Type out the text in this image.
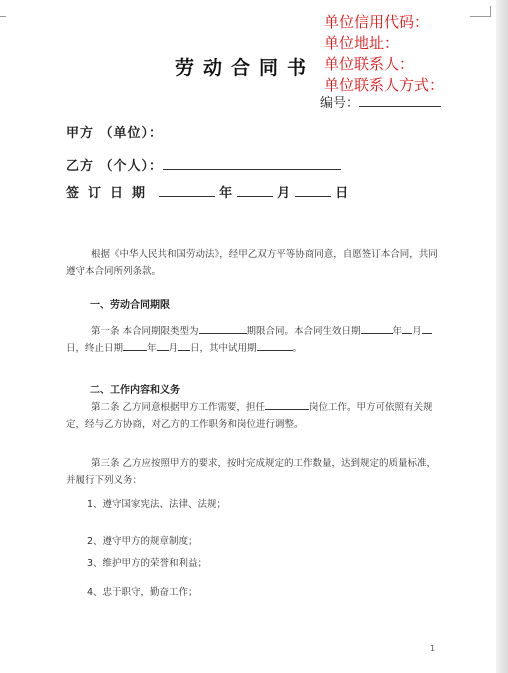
单位信用代码：
单位地址：
单位联系人：
单位联系人方式：
劳动合同书
编号：
甲方 （单位）：
乙方 （个人）：
签订日期	年	月	日
根据《中华人民共和国劳动法》，经甲乙双方平等协商同意，自愿签订本合同，共同遵守本合同所列条款。
一、劳动合同期限
第一条 本合同期限类型为	期限合同。本合同生效日期	年 月日，终止日期	年 月 日，其中试用期	。
二、工作内容和义务
第二条 乙方同意根据甲方工作需要，担任	岗位工作。甲方可依照有关规定，经与乙方协商，对乙方的工作职务和岗位进行调整。
第三条 乙方应按照甲方的要求，按时完成规定的工作数量，达到规定的质量标准，并履行下列义务：
1、遵守国家宪法、法律、法规；
2、遵守甲方的规章制度；
3、维护甲方的荣誉和利益；
4、忠于职守，勤奋工作；
1
